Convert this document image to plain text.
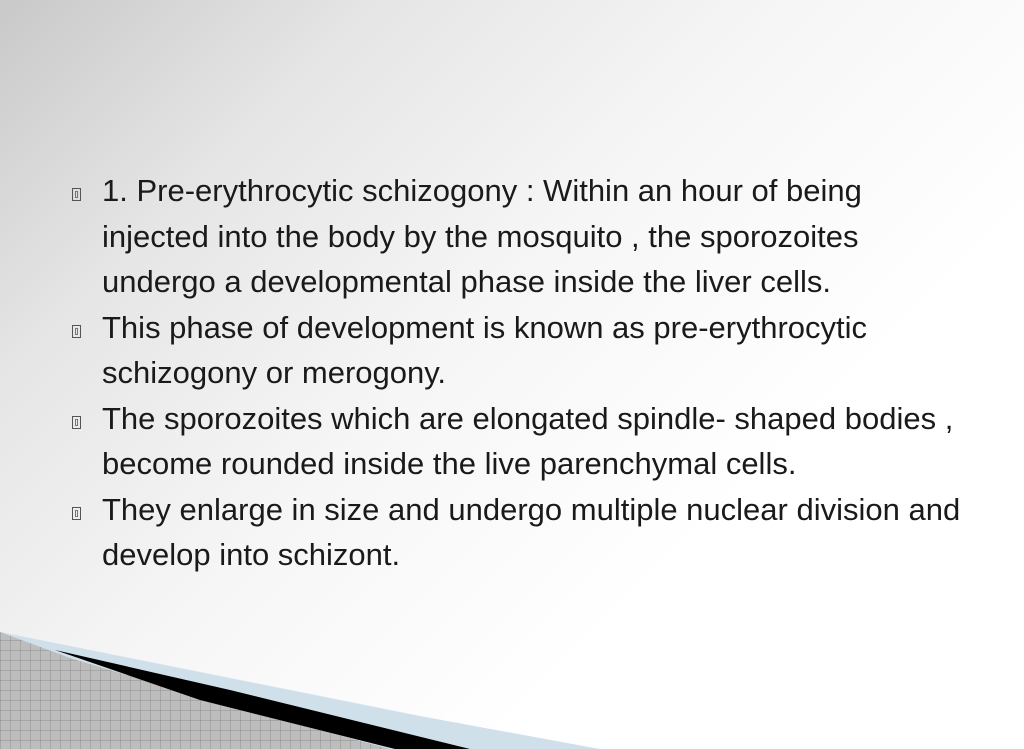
1. Pre-erythrocytic schizogony : Within an hour of being injected into the body by the mosquito , the sporozoites undergo a developmental phase inside the liver cells.

This phase of development is known as pre-erythrocytic schizogony or merogony.

The sporozoites which are elongated spindle- shaped bodies , become rounded inside the live parenchymal cells.

They enlarge in size and undergo multiple nuclear division and develop into schizont.
